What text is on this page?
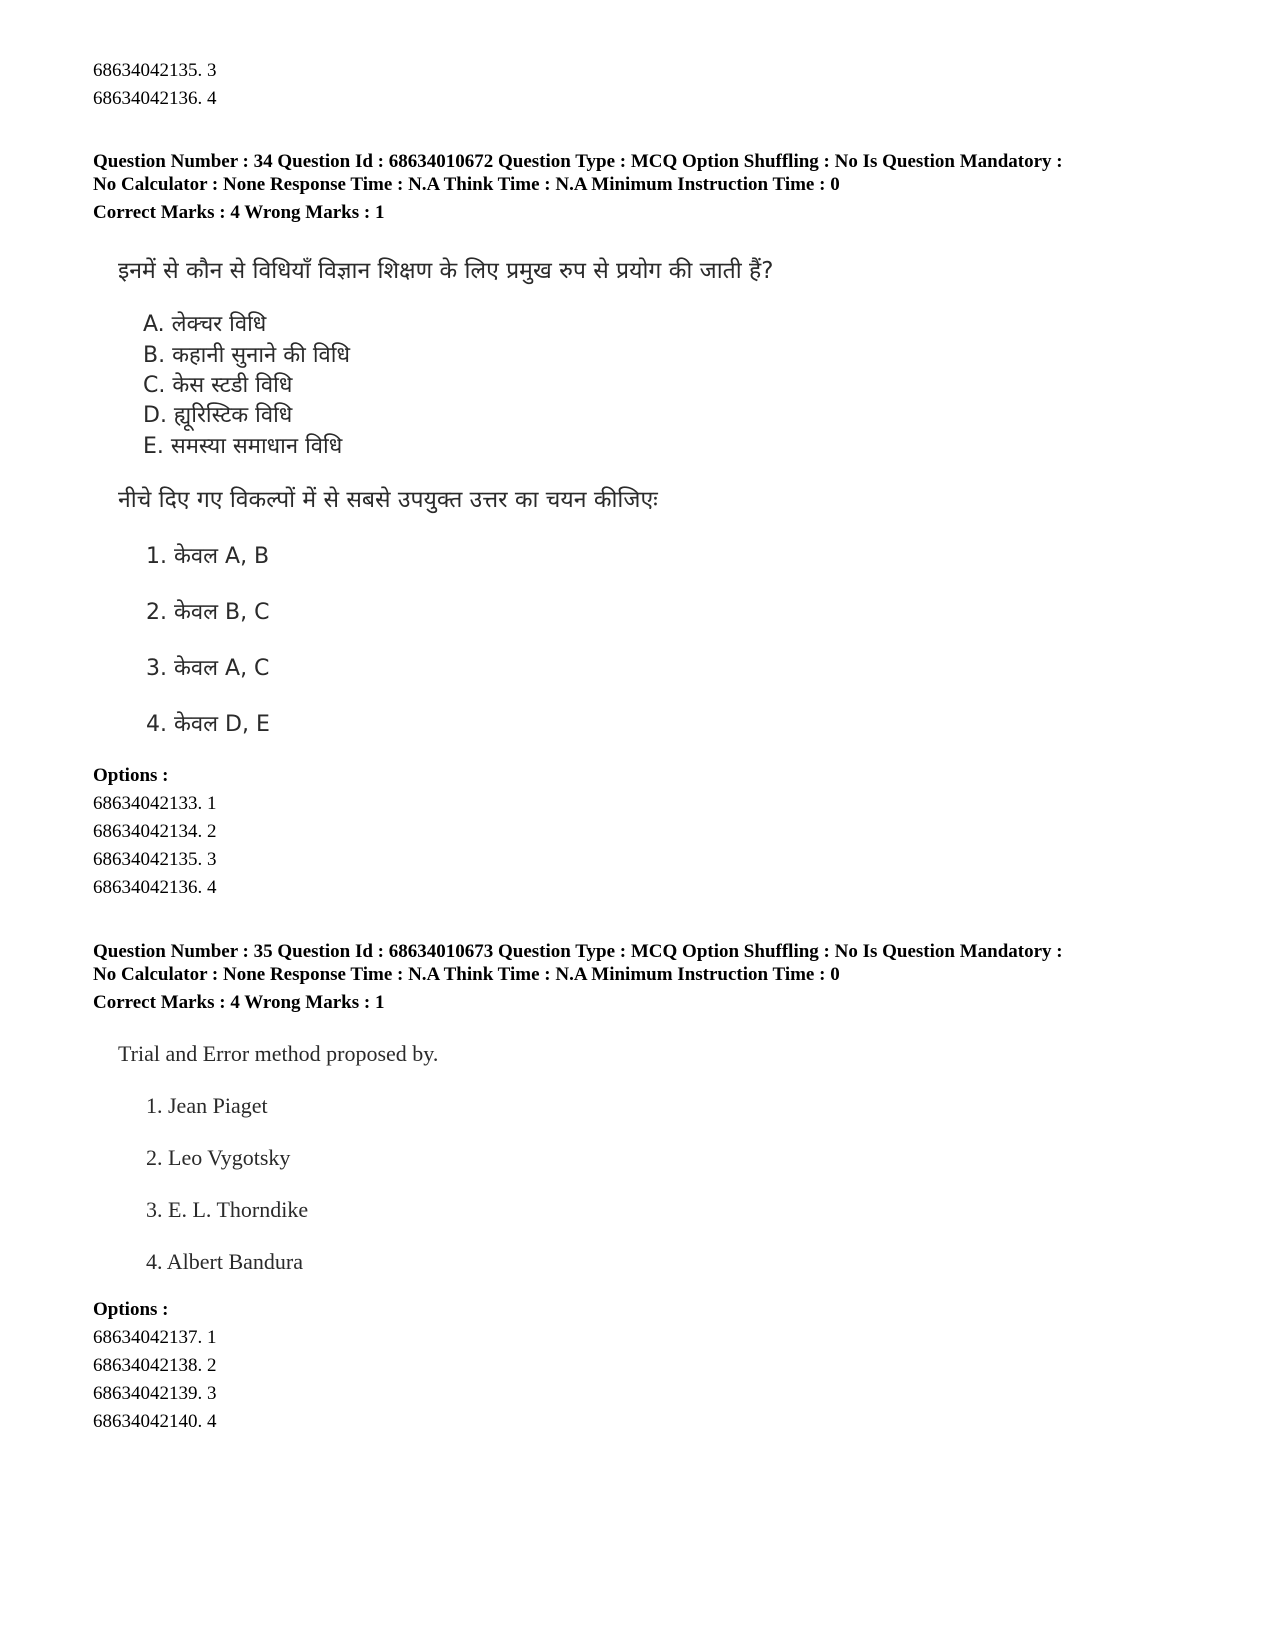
68634042135. 3
68634042136. 4
Question Number : 34 Question Id : 68634010672 Question Type : MCQ Option Shuffling : No Is Question Mandatory :
No Calculator : None Response Time : N.A Think Time : N.A Minimum Instruction Time : 0
Correct Marks : 4 Wrong Marks : 1
इनमें से कौन से विधियाँ विज्ञान शिक्षण के लिए प्रमुख रुप से प्रयोग की जाती हैं?
A. लेक्चर विधि
B. कहानी सुनाने की विधि
C. केस स्टडी विधि
D. ह्यूरिस्टिक विधि
E. समस्या समाधान विधि
नीचे दिए गए विकल्पों में से सबसे उपयुक्त उत्तर का चयन कीजिएः
1. केवल A, B
2. केवल B, C
3. केवल A, C
4. केवल D, E
Options :
68634042133. 1
68634042134. 2
68634042135. 3
68634042136. 4
Question Number : 35 Question Id : 68634010673 Question Type : MCQ Option Shuffling : No Is Question Mandatory :
No Calculator : None Response Time : N.A Think Time : N.A Minimum Instruction Time : 0
Correct Marks : 4 Wrong Marks : 1
Trial and Error method proposed by.
1. Jean Piaget
2. Leo Vygotsky
3. E. L. Thorndike
4. Albert Bandura
Options :
68634042137. 1
68634042138. 2
68634042139. 3
68634042140. 4
